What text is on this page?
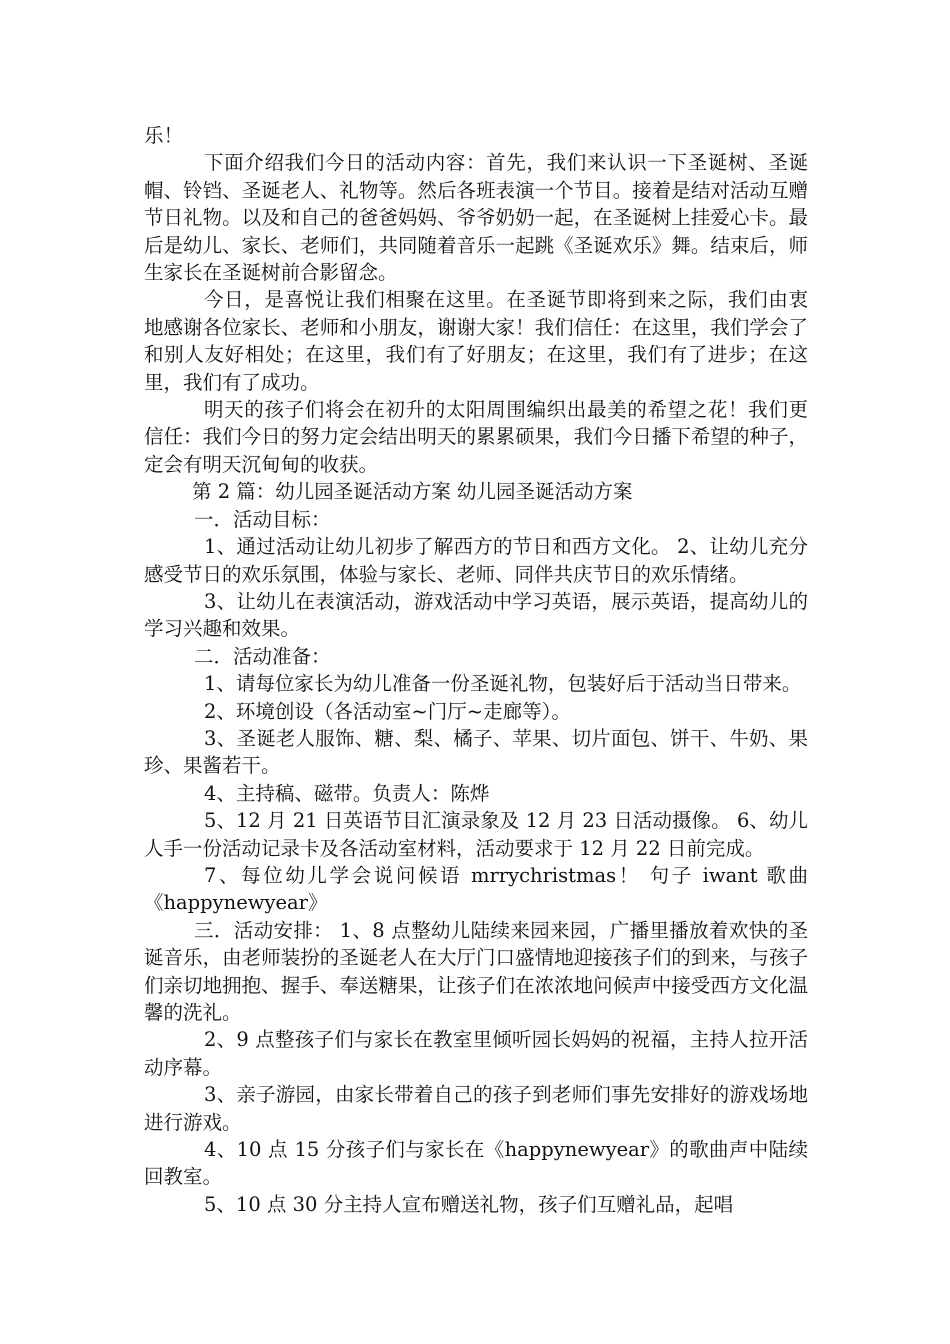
乐！

下面介绍我们今日的活动内容：首先，我们来认识一下圣诞树、圣诞帽、铃铛、圣诞老人、礼物等。然后各班表演一个节目。接着是结对活动互赠节日礼物。以及和自己的爸爸妈妈、爷爷奶奶一起，在圣诞树上挂爱心卡。最后是幼儿、家长、老师们，共同随着音乐一起跳《圣诞欢乐》舞。结束后，师生家长在圣诞树前合影留念。

今日，是喜悦让我们相聚在这里。在圣诞节即将到来之际，我们由衷地感谢各位家长、老师和小朋友，谢谢大家！我们信任：在这里，我们学会了和别人友好相处；在这里，我们有了好朋友；在这里，我们有了进步；在这里，我们有了成功。

明天的孩子们将会在初升的太阳周围编织出最美的希望之花！我们更信任：我们今日的努力定会结出明天的累累硕果，我们今日播下希望的种子，定会有明天沉甸甸的收获。

第 2 篇：幼儿园圣诞活动方案 幼儿园圣诞活动方案

一．活动目标：

1、通过活动让幼儿初步了解西方的节日和西方文化。 2、让幼儿充分感受节日的欢乐氛围，体验与家长、老师、同伴共庆节日的欢乐情绪。

3、让幼儿在表演活动，游戏活动中学习英语，展示英语，提高幼儿的学习兴趣和效果。

二．活动准备：

1、请每位家长为幼儿准备一份圣诞礼物，包装好后于活动当日带来。

2、环境创设（各活动室~门厅~走廊等）。

3、圣诞老人服饰、糖、梨、橘子、苹果、切片面包、饼干、牛奶、果珍、果酱若干。

4、主持稿、磁带。负责人：陈烨

5、12 月 21 日英语节目汇演录象及 12 月 23 日活动摄像。 6、幼儿人手一份活动记录卡及各活动室材料，活动要求于 12 月 22 日前完成。

7、每位幼儿学会说问候语 mrrychristmas！ 句子 iwant 歌曲《happynewyear》

三．活动安排： 1、8 点整幼儿陆续来园来园，广播里播放着欢快的圣诞音乐，由老师装扮的圣诞老人在大厅门口盛情地迎接孩子们的到来，与孩子们亲切地拥抱、握手、奉送糖果，让孩子们在浓浓地问候声中接受西方文化温馨的洗礼。

2、9 点整孩子们与家长在教室里倾听园长妈妈的祝福，主持人拉开活动序幕。

3、亲子游园，由家长带着自己的孩子到老师们事先安排好的游戏场地进行游戏。

4、10 点 15 分孩子们与家长在《happynewyear》的歌曲声中陆续回教室。

5、10 点 30 分主持人宣布赠送礼物，孩子们互赠礼品，起唱
